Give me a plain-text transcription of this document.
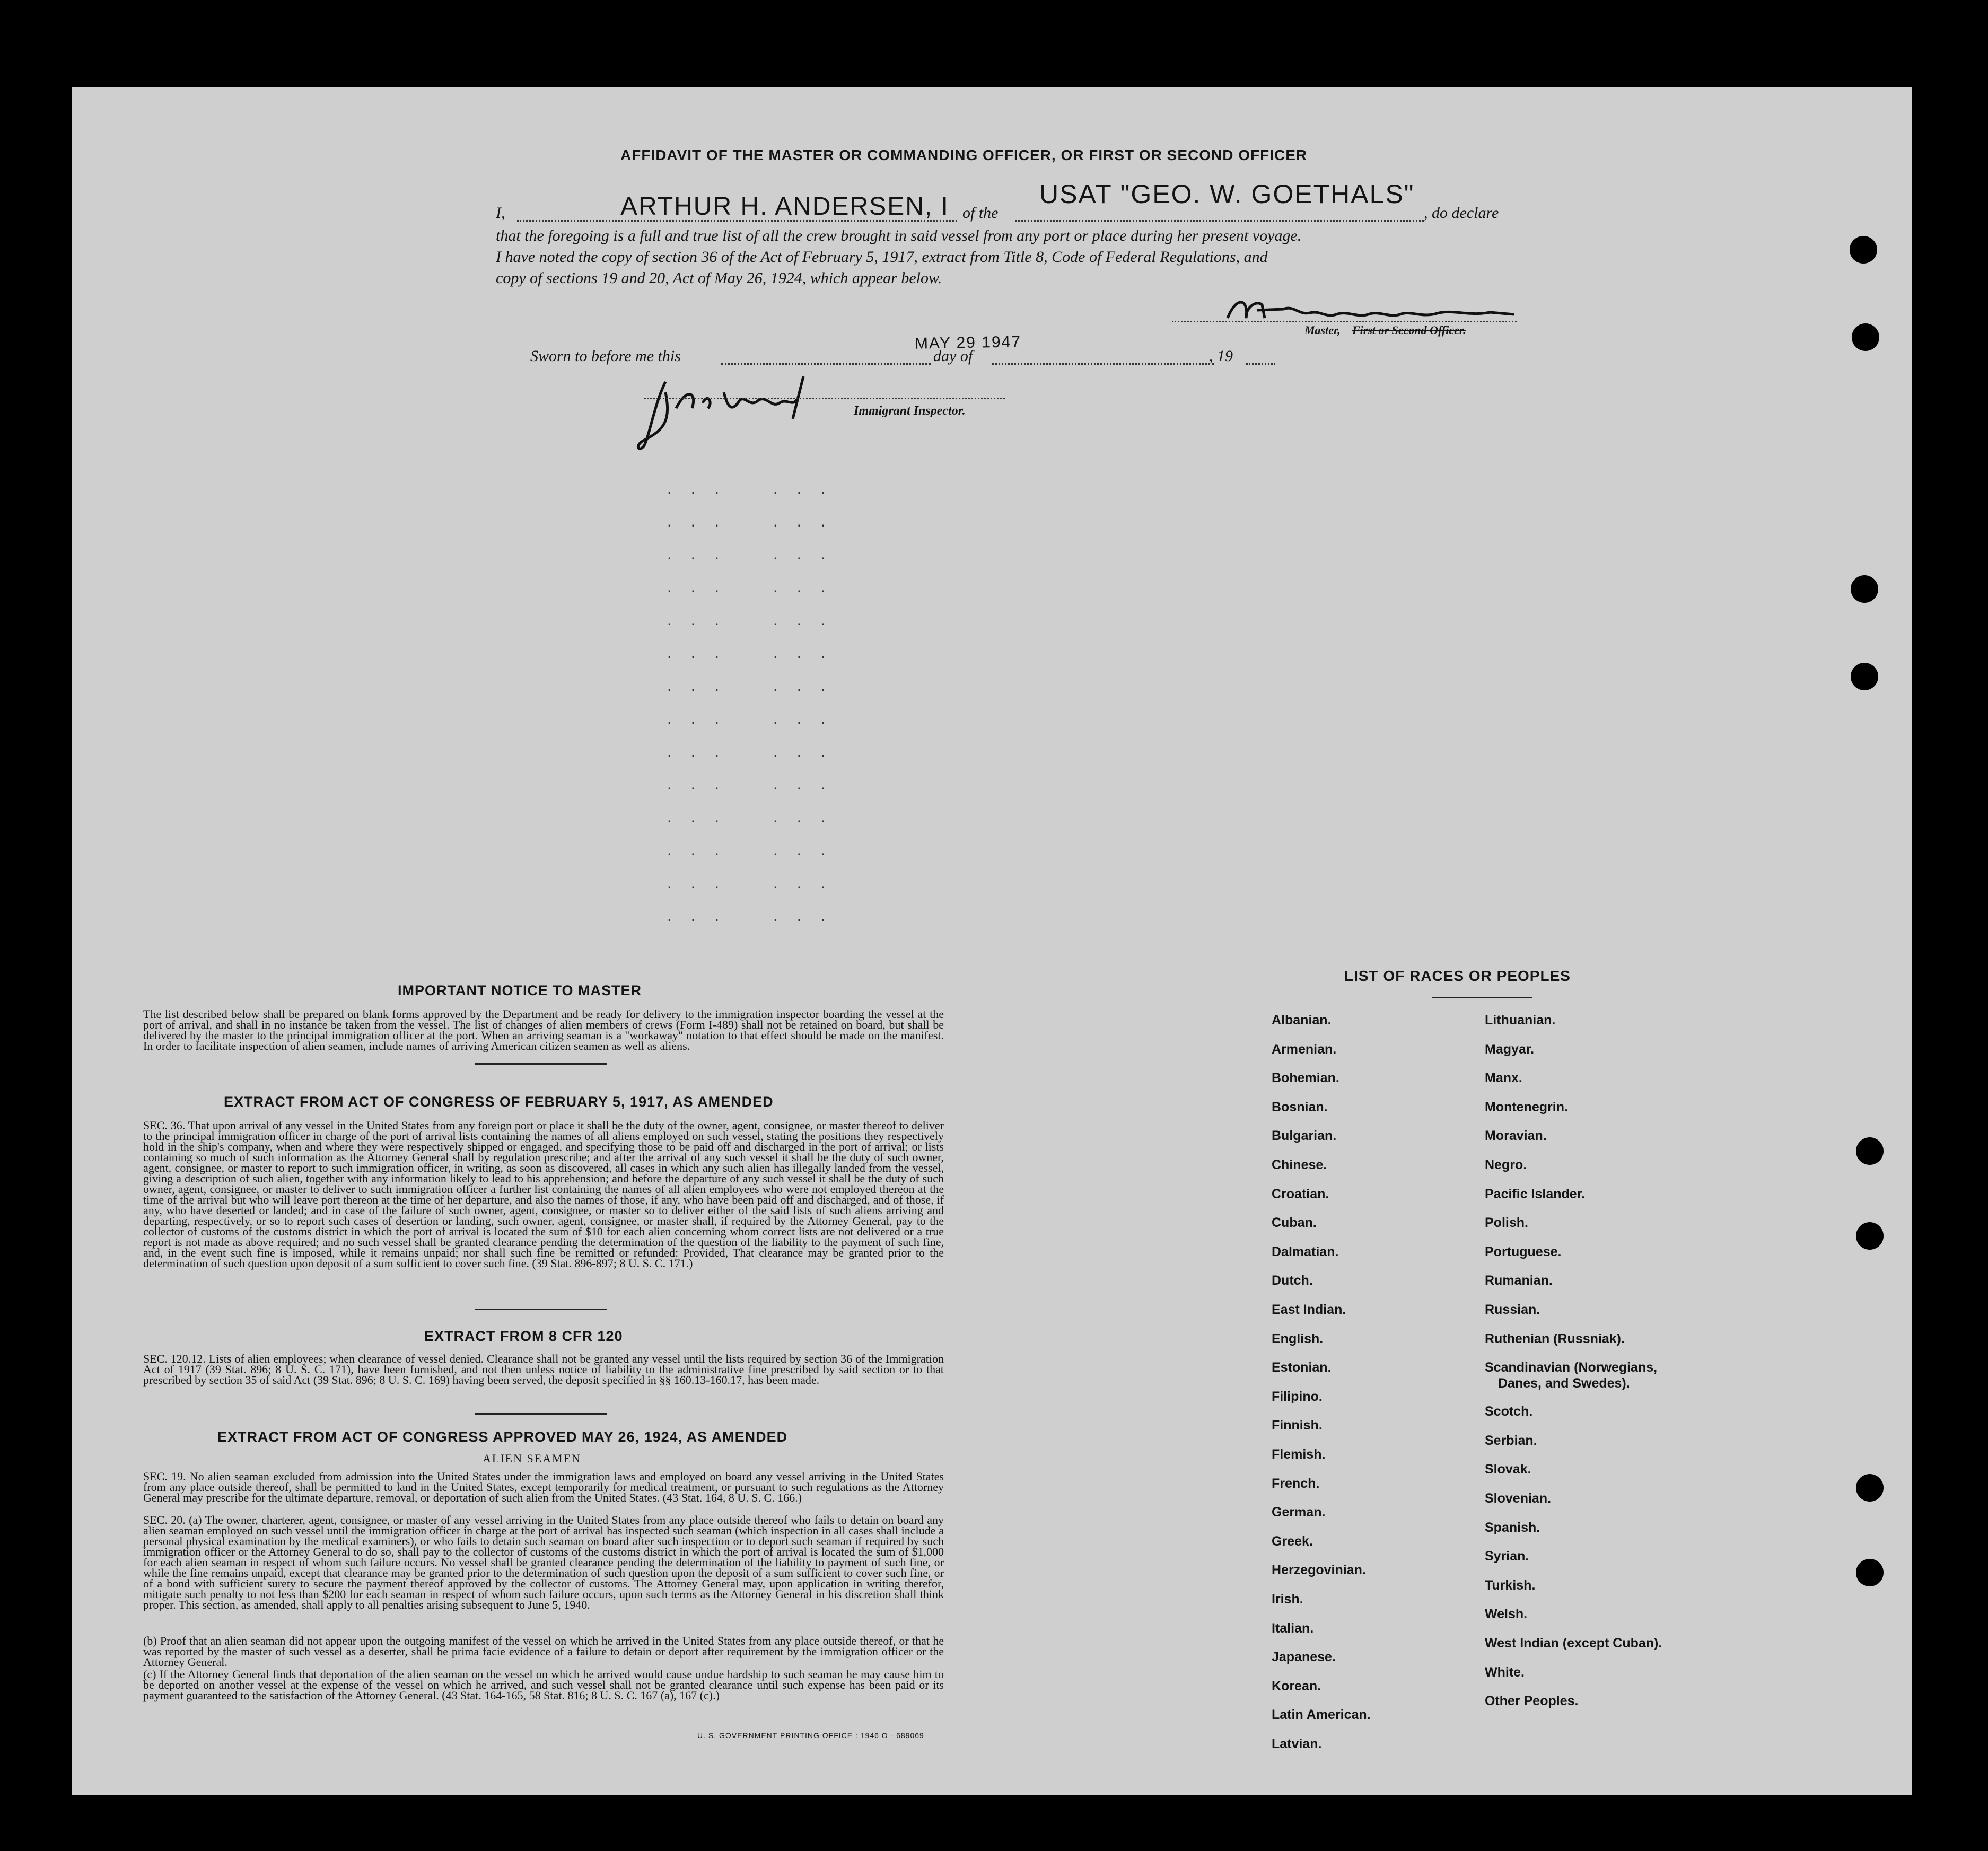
AFFIDAVIT OF THE MASTER OR COMMANDING OFFICER, OR FIRST OR SECOND OFFICER
I,	ARTHUR H. ANDERSEN, I of the
USAT "GEO. W. GOETHALS"
, do declare
that the foregoing is a full and true list of all the crew brought in said vessel from any port or place during her present voyage.
I have noted the copy of section 36 of the Act of February 5, 1917, extract from Title 8, Code of Federal Regulations, and
copy of sections 19 and 20, Act of May 26, 1924, which appear below.
Master, First or Second Officer.
Sworn to before me this
MAY 29 1947
day of	, 19
Immigrant Inspector.
. . .
. . .
. . .
. . .
. . .
. . .
. . .
. . .
. . .
. . .
. . .
. . .
. . .
. . .
. . .
. . .
. . .
. . .
. . .
. . .
. . .
. . .
. . .
. . .
. . .
. . .
. . .
. . .
IMPORTANT NOTICE TO MASTER
The list described below shall be prepared on blank forms approved by the Department and be ready for delivery to the immigration inspector boarding the vessel at the port of arrival, and shall in no instance be taken from the vessel. The list of changes of alien members of crews (Form I-489) shall not be retained on board, but shall be delivered by the master to the principal immigration officer at the port. When an arriving seaman is a "workaway" notation to that effect should be made on the manifest. In order to facilitate inspection of alien seamen, include names of arriving American citizen seamen as well as aliens.
EXTRACT FROM ACT OF CONGRESS OF FEBRUARY 5, 1917, AS AMENDED
SEC. 36. That upon arrival of any vessel in the United States from any foreign port or place it shall be the duty of the owner, agent, consignee, or master thereof to deliver to the principal immigration officer in charge of the port of arrival lists containing the names of all aliens employed on such vessel, stating the positions they respectively hold in the ship's company, when and where they were respectively shipped or engaged, and specifying those to be paid off and discharged in the port of arrival; or lists containing so much of such information as the Attorney General shall by regulation prescribe; and after the arrival of any such vessel it shall be the duty of such owner, agent, consignee, or master to report to such immigration officer, in writing, as soon as discovered, all cases in which any such alien has illegally landed from the vessel, giving a description of such alien, together with any information likely to lead to his apprehension; and before the departure of any such vessel it shall be the duty of such owner, agent, consignee, or master to deliver to such immigration officer a further list containing the names of all alien employees who were not employed thereon at the time of the arrival but who will leave port thereon at the time of her departure, and also the names of those, if any, who have been paid off and discharged, and of those, if any, who have deserted or landed; and in case of the failure of such owner, agent, consignee, or master so to deliver either of the said lists of such aliens arriving and departing, respectively, or so to report such cases of desertion or landing, such owner, agent, consignee, or master shall, if required by the Attorney General, pay to the collector of customs of the customs district in which the port of arrival is located the sum of $10 for each alien concerning whom correct lists are not delivered or a true report is not made as above required; and no such vessel shall be granted clearance pending the determination of the question of the liability to the payment of such fine, and, in the event such fine is imposed, while it remains unpaid; nor shall such fine be remitted or refunded: Provided, That clearance may be granted prior to the determination of such question upon deposit of a sum sufficient to cover such fine. (39 Stat. 896-897; 8 U. S. C. 171.)
EXTRACT FROM 8 CFR 120
SEC. 120.12. Lists of alien employees; when clearance of vessel denied. Clearance shall not be granted any vessel until the lists required by section 36 of the Immigration Act of 1917 (39 Stat. 896; 8 U. S. C. 171), have been furnished, and not then unless notice of liability to the administrative fine prescribed by said section or to that prescribed by section 35 of said Act (39 Stat. 896; 8 U. S. C. 169) having been served, the deposit specified in §§ 160.13-160.17, has been made.
EXTRACT FROM ACT OF CONGRESS APPROVED MAY 26, 1924, AS AMENDED
ALIEN SEAMEN
SEC. 19. No alien seaman excluded from admission into the United States under the immigration laws and employed on board any vessel arriving in the United States from any place outside thereof, shall be permitted to land in the United States, except temporarily for medical treatment, or pursuant to such regulations as the Attorney General may prescribe for the ultimate departure, removal, or deportation of such alien from the United States. (43 Stat. 164, 8 U. S. C. 166.)
SEC. 20. (a) The owner, charterer, agent, consignee, or master of any vessel arriving in the United States from any place outside thereof who fails to detain on board any alien seaman employed on such vessel until the immigration officer in charge at the port of arrival has inspected such seaman (which inspection in all cases shall include a personal physical examination by the medical examiners), or who fails to detain such seaman on board after such inspection or to deport such seaman if required by such immigration officer or the Attorney General to do so, shall pay to the collector of customs of the customs district in which the port of arrival is located the sum of $1,000 for each alien seaman in respect of whom such failure occurs. No vessel shall be granted clearance pending the determination of the liability to payment of such fine, or while the fine remains unpaid, except that clearance may be granted prior to the determination of such question upon the deposit of a sum sufficient to cover such fine, or of a bond with sufficient surety to secure the payment thereof approved by the collector of customs. The Attorney General may, upon application in writing therefor, mitigate such penalty to not less than $200 for each seaman in respect of whom such failure occurs, upon such terms as the Attorney General in his discretion shall think proper. This section, as amended, shall apply to all penalties arising subsequent to June 5, 1940.
(b) Proof that an alien seaman did not appear upon the outgoing manifest of the vessel on which he arrived in the United States from any place outside thereof, or that he was reported by the master of such vessel as a deserter, shall be prima facie evidence of a failure to detain or deport after requirement by the immigration officer or the Attorney General.
(c) If the Attorney General finds that deportation of the alien seaman on the vessel on which he arrived would cause undue hardship to such seaman he may cause him to be deported on another vessel at the expense of the vessel on which he arrived, and such vessel shall not be granted clearance until such expense has been paid or its payment guaranteed to the satisfaction of the Attorney General. (43 Stat. 164-165, 58 Stat. 816; 8 U. S. C. 167 (a), 167 (c).)
U. S. GOVERNMENT PRINTING OFFICE : 1946 O - 689069
LIST OF RACES OR PEOPLES
Albanian.
Armenian.
Bohemian.
Bosnian.
Bulgarian.
Chinese.
Croatian.
Cuban.
Dalmatian.
Dutch.
East Indian.
English.
Estonian.
Filipino.
Finnish.
Flemish.
French.
German.
Greek.
Herzegovinian.
Irish.
Italian.
Japanese.
Korean.
Latin American.
Latvian.
Lithuanian.
Magyar.
Manx.
Montenegrin.
Moravian.
Negro.
Pacific Islander.
Polish.
Portuguese.
Rumanian.
Russian.
Ruthenian (Russniak).
Scandinavian (Norwegians,
Danes, and Swedes).
Scotch.
Serbian.
Slovak.
Slovenian.
Spanish.
Syrian.
Turkish.
Welsh.
West Indian (except Cuban).
White.
Other Peoples.
